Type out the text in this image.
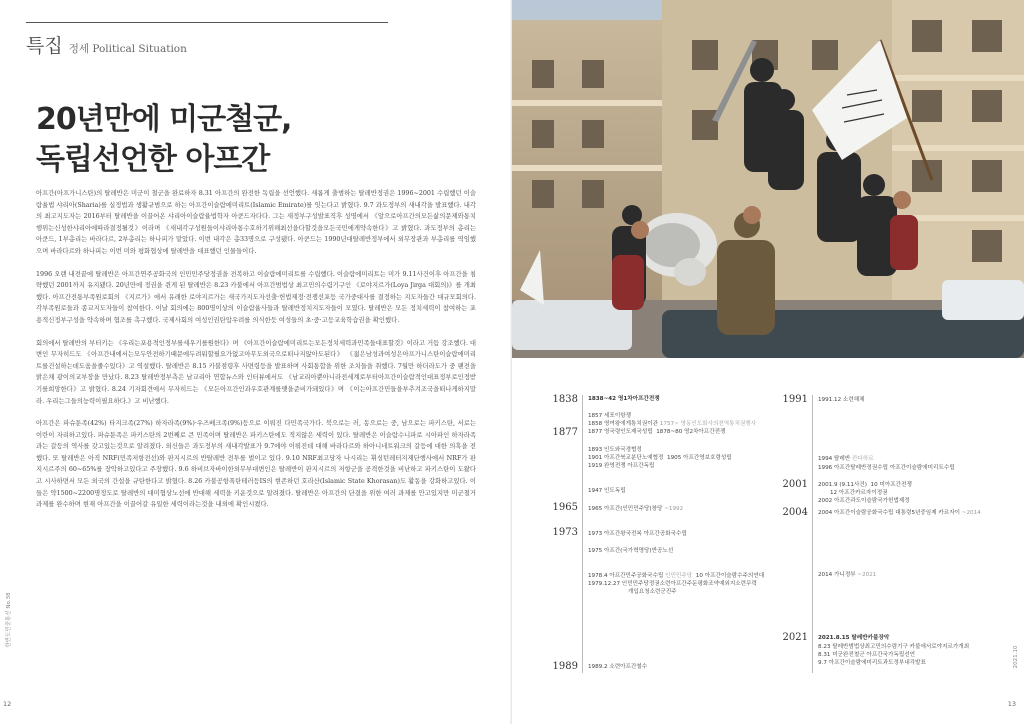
특집 정세 Political Situation
20년만에 미군철군,
독립선언한 아프간

아프간(아프가니스탄)의 탈레반은 미군이 철군을 완료하자 8.31 아프간의 완전한 독립을 선언했다. 새롭게 출범하는 탈레반정권은 1996~2001 수립했던 이슬람율법 샤리아(Sharia)를 실정법과 생활규범으로 하는 아프간이슬람에미리트(Islamic Emirate)를 잇는다고 밝혔다. 9.7 과도정부의 새내각을 발표했다. 내각의 최고지도자는 2016부터 탈레반을 이끌어온 샤리아이슬람율법학자 아쿤드자다다. 그는 새정부구성발표직후 성명에서 《앞으로아프간의모든삶의문제와통치행위는신성한샤리아에따라결정될것》이라며 《새내각구성원들이샤리아통수호하기위해최선을다할것을모든국민에게약속한다》고 밝혔다. 과도정부의 총리는 아쿤드, 1부총리는 바라다르, 2부총리는 하나피가 맡았다. 이번 내각은 총33명으로 구성됐다. 아쿤드는 1990년대탈레반정부에서 외무장관과 부총리를 역임했으며 바라다르와 하나피는 이번 미와 평화협상에 탈레반을 대표했던 인물들이다.

1996 오랜 내전끝에 탈레반은 아프간연주공화국의 인민민주당정권을 전복하고 이슬람에미리트를 수립했다. 이슬람에미리트는 미가 9.11사건이후 아프간을 침략했던 2001까지 유지됐다. 20년만에 정권을 쥔게 된 탈레반은 8.23 카불에서 아프간범법상 최고민의수렴기구인 《로야지르가(Loya Jirga 대회의)》를 개최했다. 아프간전통부족원로회의 《지르가》에서 유래한 로야지르가는 새국가지도자선출·헌법제정·전쟁선포등 국가중대사를 결정하는 지도자들간 대규모회의다. 각부족원로들과 종교지도자들이 참여한다. 이날 회의에는 800명이상의 이슬람율사들과 탈레반정치지도자들이 모였다. 탈레반은 모든 정치세력이 참여하는 포용적신정부구성을 약속하며 협조를 촉구했다. 국제사회의 여성인권탄압우려를 의식한듯 여성들의 초·중·고등교육학습권을 확인했다.

회의에서 탈레반의 부터키는 《우리는포용적인정부를세우기를원한다》며 《아프간이슬람에미리트는모든정치세력과민족들대표할것》이라고 거듭 강조했다. 대변인 무자히드도 《아프간내에서는모두안전하기때문에두려워할필요가없고아무도외국으로떠나지않아도된다》 《젊은남성과여성은아프가니스탄이슬람에미리트를건설하는데도움을줄수있다》고 역설했다. 탈레반은 8.15 카불점령후 사면령등을 발표하며 사회통합을 위한 조치들을 취했다. 7월만 하더라도가 중 팬전을 밝은채 광이의교부장을 만났다. 8.23 탈레반정부측은 남교리아 연합뉴스와 인터뷰에서도 《남교리아뿐아니라전세계로부터아프간이슬람적인대표정부로인정받기를희망한다》고 밝혔다. 8.24 기자회견에서 무자히드는 《모든아프간인과우호관계를맺을준비가돼있다》며 《이는아프간민들을부추겨조국을떠나게하지말라. 우리는그들의능력이필요하다.》고 비난했다.

아프간은 파슈툰족(42%) 타지크족(27%) 하자라족(9%)·우즈베크족(9%)등으로 이뤄진 다민족국가다. 북으로는 러, 동으로는 중, 남으로는 파키스탄, 서로는 이란이 자리하고있다. 파슈툰족은 파키스탄의 2번째로 큰 민족이며 탈레반은 파키스탄에도 적지않은 세력이 있다. 탈레반은 이슬람수니파로 시아파인 하자라족과는 갈등의 역사를 갖고있는것으로 알려졌다. 외신들은 과도정부의 새내각발표가 9.7에야 이뤄진데 대해 바라다르와 하아니네트워크의 갈등에 대한 의혹을 전했다. 또 탈레반은 아직 NRF(민족저항전선)와 판지시르의 반탈레반 전투를 벌이고 있다. 9.10 NRF최고당자 나시리는 휘싱턴레터지재단행사에서 NRF가 판지시르주의 60~65%를 장악하고있다고 주장했다. 9.6 하비브자바이한외무부대변인은 탈레반이 판지시르의 저항군을 공격한것을 비난하고 파키스탄이 도왔다고 시사하면서 모든 외국의 간섭을 규탄한다고 밝혔다. 8.26 카불공항폭탄테러등IS의 현존하던 호라산(Islamic State Khorasan)도 활동을 강화하고있다. 이들은 약1500~2200명정도로 탈레반의 대미협상노선에 반대해 세력을 키운것으로 알려졌다. 탈레반은 아프간의 단결을 위한 여러 과제를 안고있지만 미군철거과제를 완수하며 현재 아프간을 이끌어갈 유일한 세력이라는것을 내외에 확인시켰다.

한반도민중통신 No.38
12
2021.10
13
1838
1877
1965
1973
1989
1991
2001
2004
2021
1838~42 영1차아프간전쟁
1857 세포이항쟁
1858 영여왕에게통치권이관 1757~ 영동인도회사의전역통치권행사
1877 영국령인도제국성립 1878~80 영2차아프간전쟁
1893 인도와국경협정
1901 아프간북교분단노예협정 1905 아프간영보호령성립
1919 완영전쟁 아프간독립
1947 인도독립
1965 아프간(인민민주당)창당 ~1992
1973 아프간왕국전복 아프간공화국수립
1975 아프간(국가혁명당)반공노선
1978.4 아프간민주공화국수립 인민민주당 10 아프간이슬람수주의연대
1979.12.27 인민민주당정권소련아프간주둔평화조약예외지소련무력
개입요청소련군진주
1989.2 소련아프간철수
1991.12 소련해체
1994 탈레반 칸다하르
1996 아프간탈레반정권수립 아프간이슬람에미리트수립
2001.9 (9.11사건) 10 미아프간전쟁
12 아프간카르자이정권
2002 아프간과도이슬람국가헌법제정
2004 아프간이슬람공화국수립 대통령5년중임제 카르자이 ~2014
2014 가니정부 ~2021
2021.8.15 탈레반카불장악
8.23 탈레반범법상최고민의수렴기구 카불에서로야지르가개최
8.31 미군완전철군 아프간국가독립선언
9.7 아프간이슬람에미리트과도정부내각발표
